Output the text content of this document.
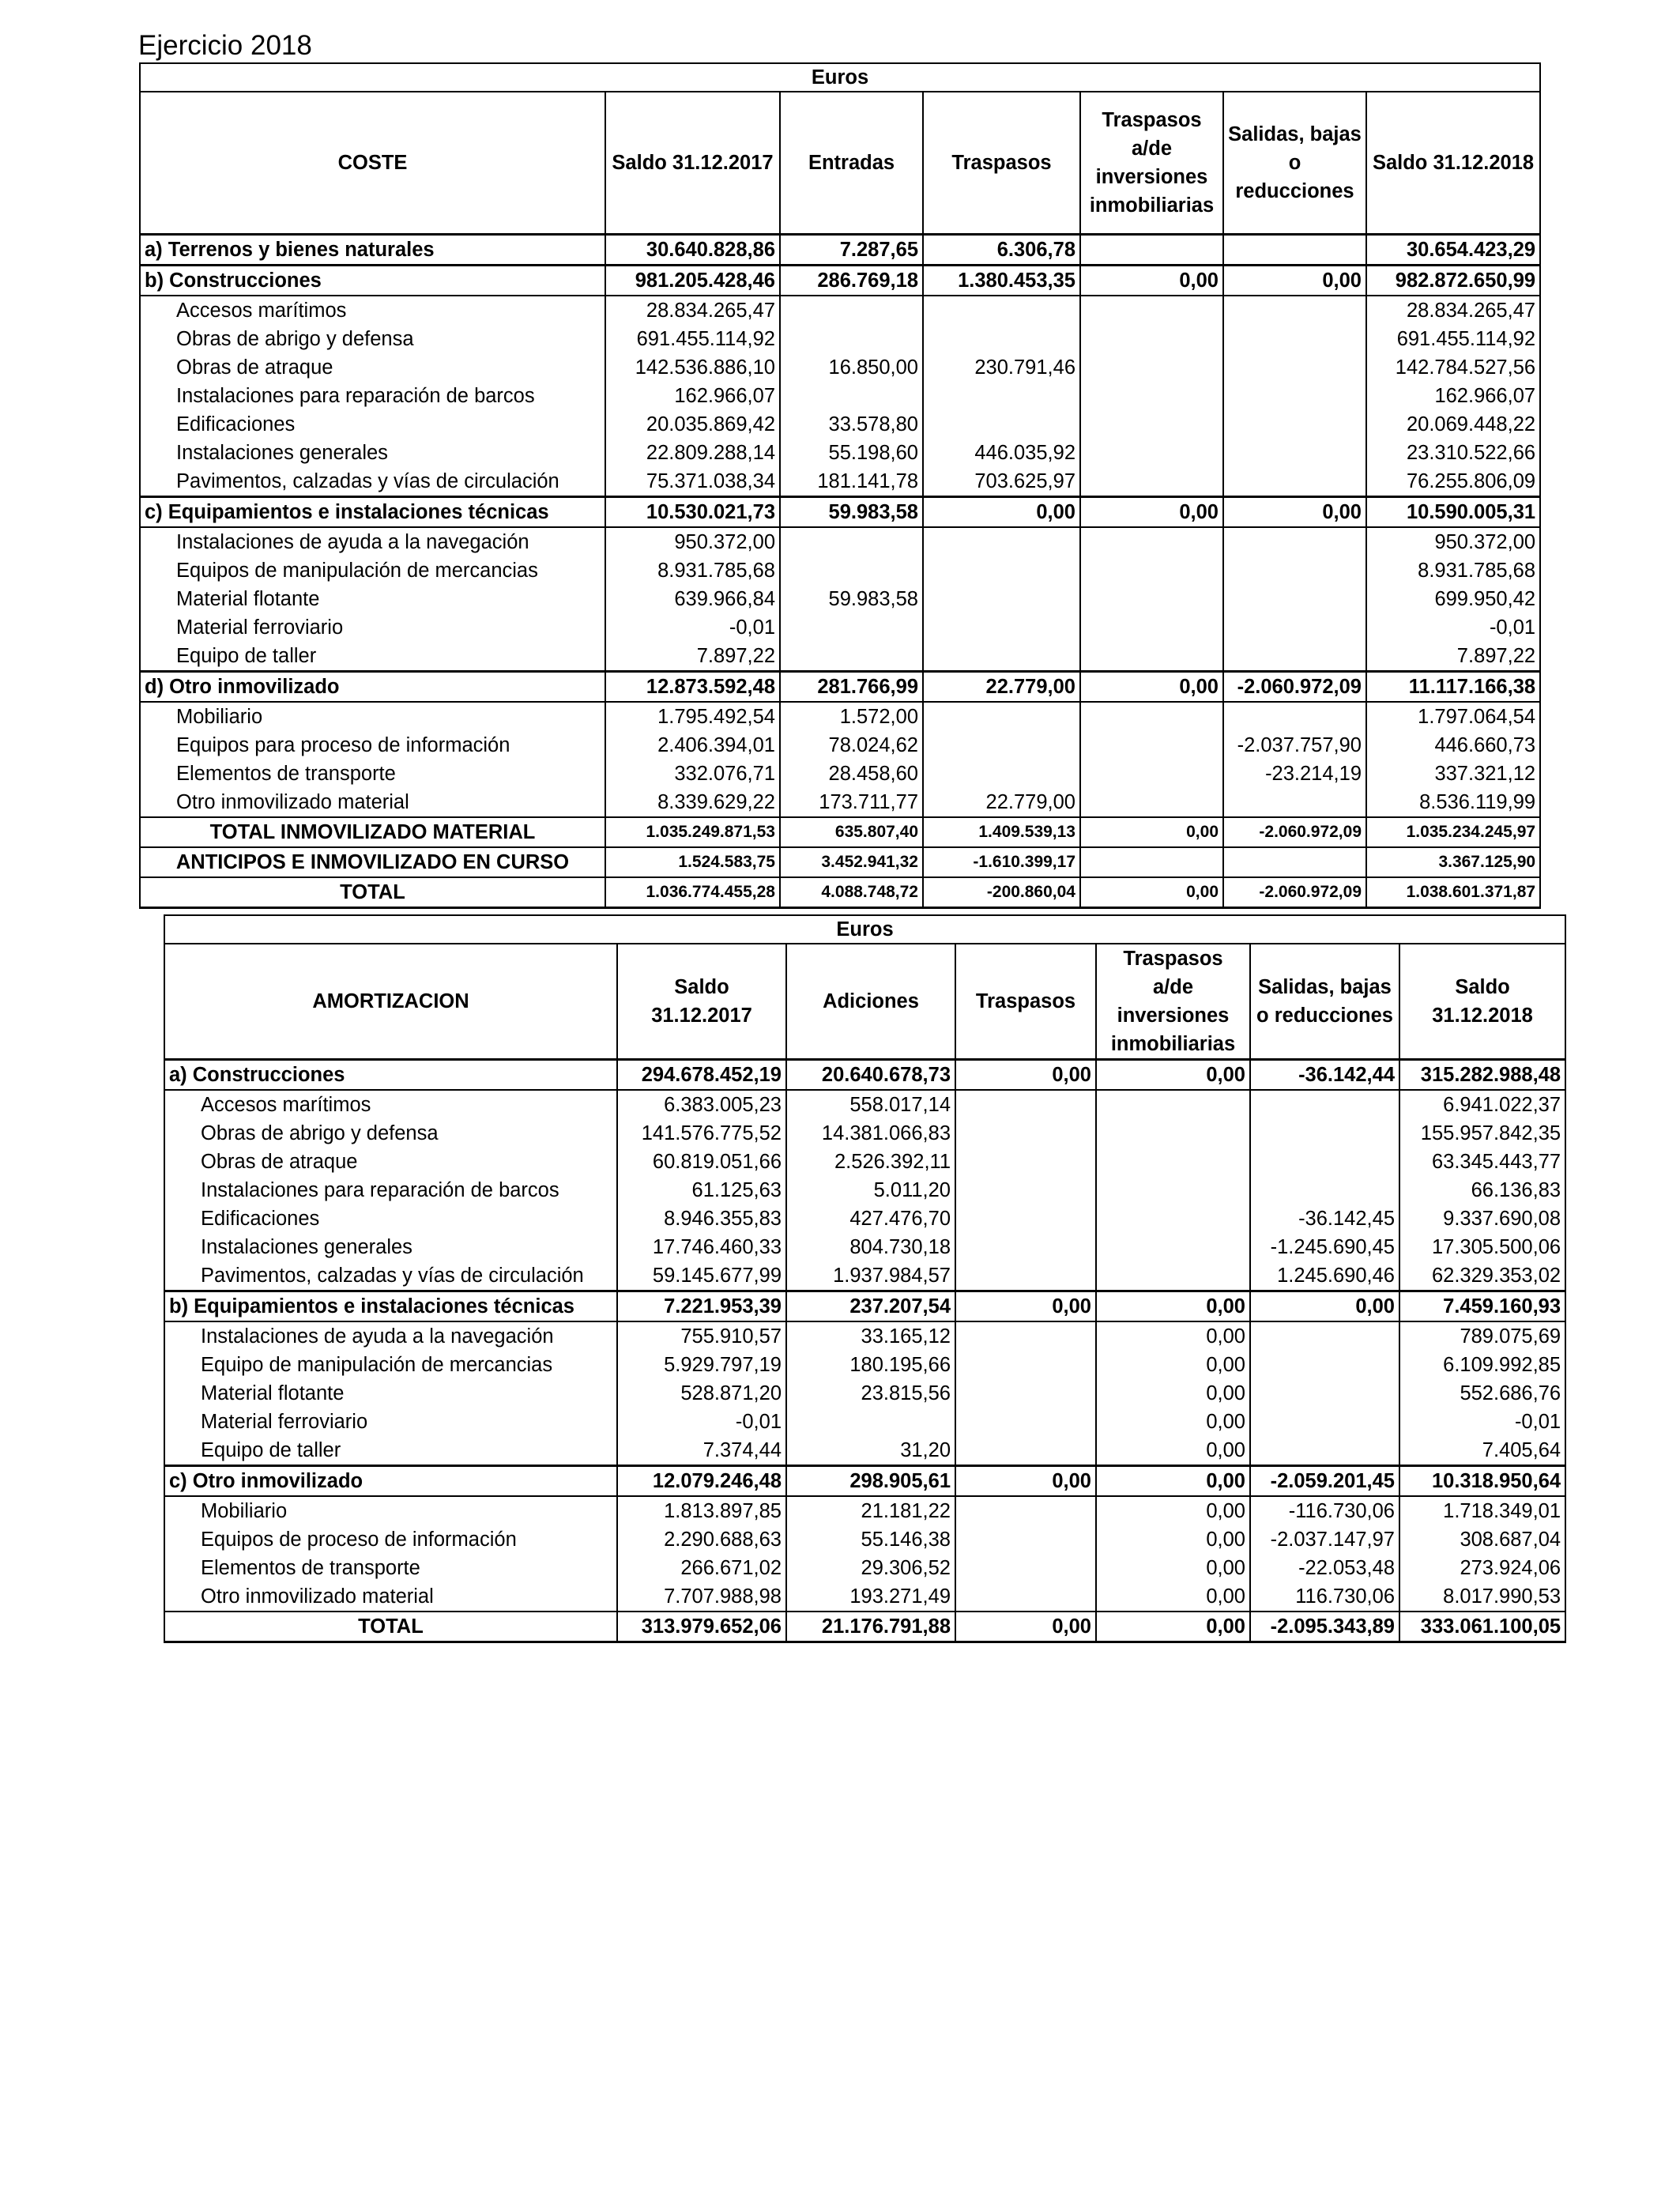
Ejercicio 2018
Euros						
COSTE	Saldo 31.12.2017	Entradas	Traspasos	Traspasos a/de inversiones inmobiliarias	Salidas, bajas o reducciones	Saldo 31.12.2018
a) Terrenos y bienes naturales	30.640.828,86	7.287,65	6.306,78			30.654.423,29
b) Construcciones	981.205.428,46	286.769,18	1.380.453,35	0,00	0,00	982.872.650,99
Accesos marítimos	28.834.265,47					28.834.265,47
Obras de abrigo y defensa	691.455.114,92					691.455.114,92
Obras de atraque	142.536.886,10	16.850,00	230.791,46			142.784.527,56
Instalaciones para reparación de barcos	162.966,07					162.966,07
Edificaciones	20.035.869,42	33.578,80				20.069.448,22
Instalaciones generales	22.809.288,14	55.198,60	446.035,92			23.310.522,66
Pavimentos, calzadas y vías de circulación	75.371.038,34	181.141,78	703.625,97			76.255.806,09
c) Equipamientos e instalaciones técnicas	10.530.021,73	59.983,58	0,00	0,00	0,00	10.590.005,31
Instalaciones de ayuda a la navegación	950.372,00					950.372,00
Equipos de manipulación de mercancias	8.931.785,68					8.931.785,68
Material flotante	639.966,84	59.983,58				699.950,42
Material ferroviario	-0,01					-0,01
Equipo de taller	7.897,22					7.897,22
d) Otro inmovilizado	12.873.592,48	281.766,99	22.779,00	0,00	-2.060.972,09	11.117.166,38
Mobiliario	1.795.492,54	1.572,00				1.797.064,54
Equipos para proceso de información	2.406.394,01	78.024,62			-2.037.757,90	446.660,73
Elementos de transporte	332.076,71	28.458,60			-23.214,19	337.321,12
Otro inmovilizado material	8.339.629,22	173.711,77	22.779,00			8.536.119,99
TOTAL INMOVILIZADO MATERIAL	1.035.249.871,53	635.807,40	1.409.539,13	0,00	-2.060.972,09	1.035.234.245,97
ANTICIPOS E INMOVILIZADO EN CURSO	1.524.583,75	3.452.941,32	-1.610.399,17			3.367.125,90
TOTAL	1.036.774.455,28	4.088.748,72	-200.860,04	0,00	-2.060.972,09	1.038.601.371,87
Euros						
AMORTIZACION	Saldo 31.12.2017	Adiciones	Traspasos	Traspasos a/de inversiones inmobiliarias	Salidas, bajas o reducciones	Saldo 31.12.2018
a) Construcciones	294.678.452,19	20.640.678,73	0,00	0,00	-36.142,44	315.282.988,48
Accesos marítimos	6.383.005,23	558.017,14				6.941.022,37
Obras de abrigo y defensa	141.576.775,52	14.381.066,83				155.957.842,35
Obras de atraque	60.819.051,66	2.526.392,11				63.345.443,77
Instalaciones para reparación de barcos	61.125,63	5.011,20				66.136,83
Edificaciones	8.946.355,83	427.476,70			-36.142,45	9.337.690,08
Instalaciones generales	17.746.460,33	804.730,18			-1.245.690,45	17.305.500,06
Pavimentos, calzadas y vías de circulación	59.145.677,99	1.937.984,57			1.245.690,46	62.329.353,02
b) Equipamientos e instalaciones técnicas	7.221.953,39	237.207,54	0,00	0,00	0,00	7.459.160,93
Instalaciones de ayuda a la navegación	755.910,57	33.165,12		0,00		789.075,69
Equipo de manipulación de mercancias	5.929.797,19	180.195,66		0,00		6.109.992,85
Material flotante	528.871,20	23.815,56		0,00		552.686,76
Material ferroviario	-0,01			0,00		-0,01
Equipo de taller	7.374,44	31,20		0,00		7.405,64
c) Otro inmovilizado	12.079.246,48	298.905,61	0,00	0,00	-2.059.201,45	10.318.950,64
Mobiliario	1.813.897,85	21.181,22		0,00	-116.730,06	1.718.349,01
Equipos de proceso de información	2.290.688,63	55.146,38		0,00	-2.037.147,97	308.687,04
Elementos de transporte	266.671,02	29.306,52		0,00	-22.053,48	273.924,06
Otro inmovilizado material	7.707.988,98	193.271,49		0,00	116.730,06	8.017.990,53
TOTAL	313.979.652,06	21.176.791,88	0,00	0,00	-2.095.343,89	333.061.100,05
